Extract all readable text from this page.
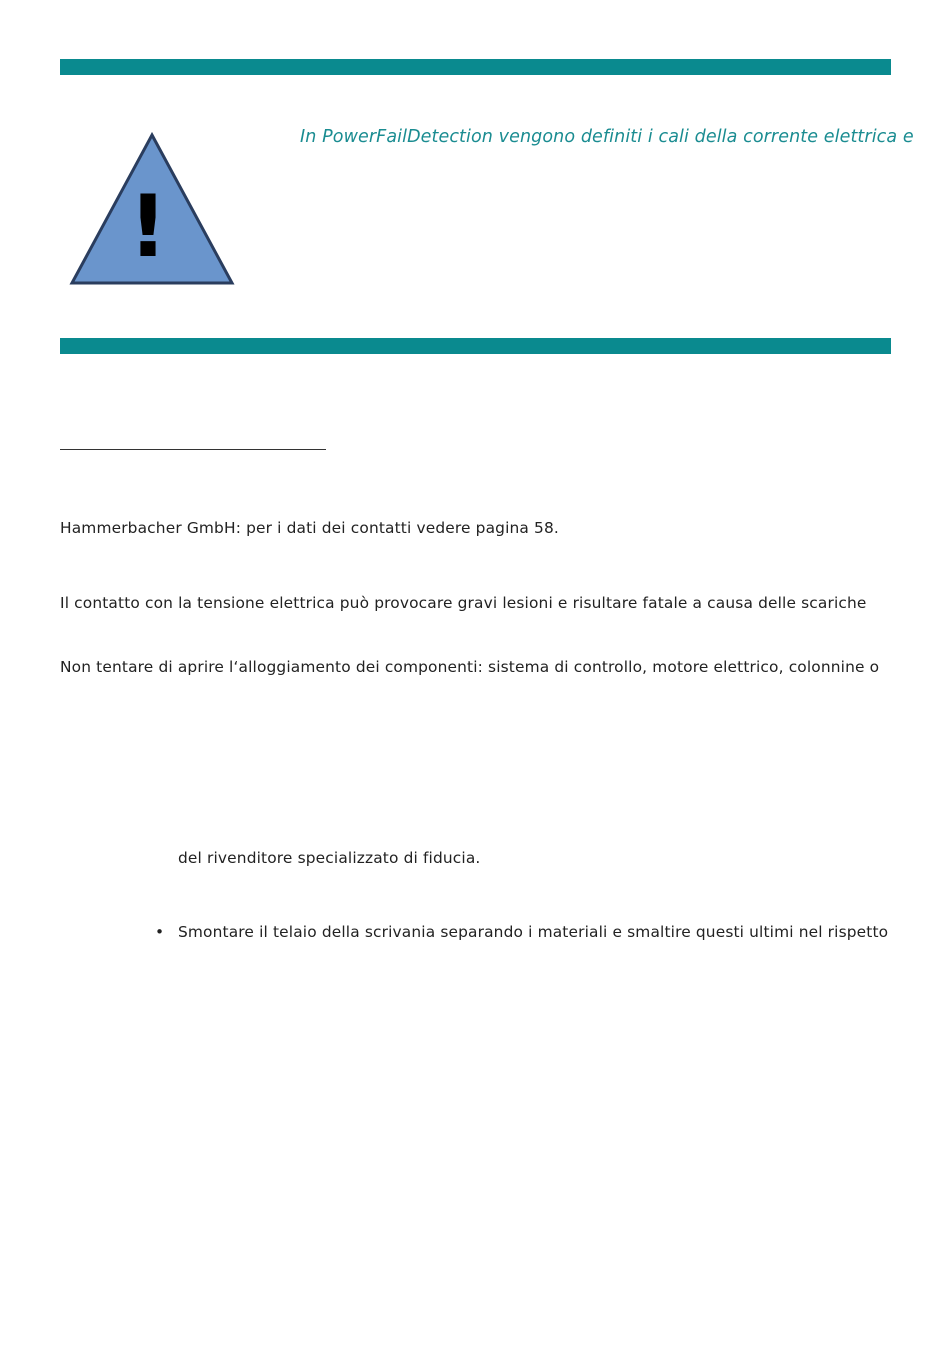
!
In PowerFailDetection vengono definiti i cali della corrente elettrica e
Hammerbacher GmbH: per i dati dei contatti vedere pagina 58.
Il contatto con la tensione elettrica può provocare gravi lesioni e risultare fatale a causa delle scariche
Non tentare di aprire l‘alloggiamento dei componenti: sistema di controllo, motore elettrico, colonnine o
del rivenditore specializzato di fiducia.
• Smontare il telaio della scrivania separando i materiali e smaltire questi ultimi nel rispetto
